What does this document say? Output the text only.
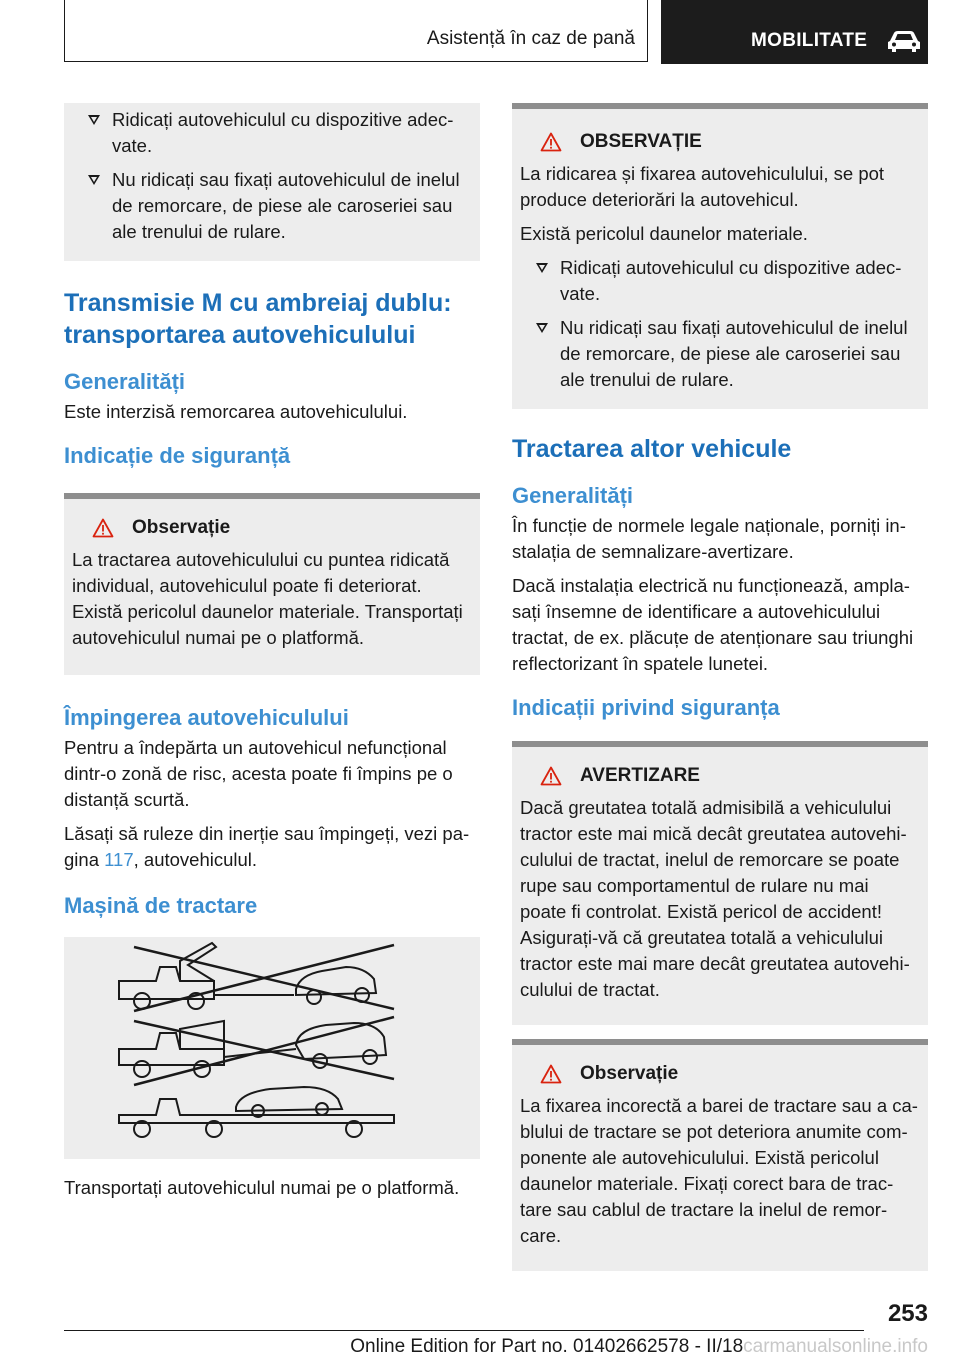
Asistență în caz de pană	MOBILITATE
Ridicați autovehiculul cu dispozitive adec-vate.
Nu ridicați sau fixați autovehiculul de inelul de remorcare, de piese ale caroseriei sau ale trenului de rulare.
Transmisie M cu ambreiaj dublu: transportarea autovehiculului
Generalități
Este interzisă remorcarea autovehiculului.
Indicație de siguranță
Observație
La tractarea autovehiculului cu puntea ridicată individual, autovehiculul poate fi deteriorat. Există pericolul daunelor materiale. Transportați autovehiculul numai pe o platformă.
Împingerea autovehiculului
Pentru a îndepărta un autovehicul nefuncțional dintr-o zonă de risc, acesta poate fi împins pe o distanță scurtă.
Lăsați să ruleze din inerție sau împingeți, vezi pa-gina 117, autovehiculul.
Mașină de tractare
Transportați autovehiculul numai pe o platformă.
OBSERVAȚIE
La ridicarea și fixarea autovehiculului, se pot produce deteriorări la autovehicul.
Există pericolul daunelor materiale.
Ridicați autovehiculul cu dispozitive adec-vate.
Nu ridicați sau fixați autovehiculul de inelul de remorcare, de piese ale caroseriei sau ale trenului de rulare.
Tractarea altor vehicule
Generalități
În funcție de normele legale naționale, porniți in-stalația de semnalizare-avertizare.
Dacă instalația electrică nu funcționează, ampla-sați însemne de identificare a autovehiculului tractat, de ex. plăcuțe de atenționare sau triunghi reflectorizant în spatele lunetei.
Indicații privind siguranța
AVERTIZARE
Dacă greutatea totală admisibilă a vehiculului tractor este mai mică decât greutatea autovehi-culului de tractat, inelul de remorcare se poate rupe sau comportamentul de rulare nu mai poate fi controlat. Există pericol de accident! Asigurați-vă că greutatea totală a vehiculului tractor este mai mare decât greutatea autovehi-culului de tractat.
Observație
La fixarea incorectă a barei de tractare sau a ca-blului de tractare se pot deteriora anumite com-ponente ale autovehiculului. Există pericolul daunelor materiale. Fixați corect bara de trac-tare sau cablul de tractare la inelul de remor-care.
253
Online Edition for Part no. 01402662578 - II/18carmanualsonline.info
